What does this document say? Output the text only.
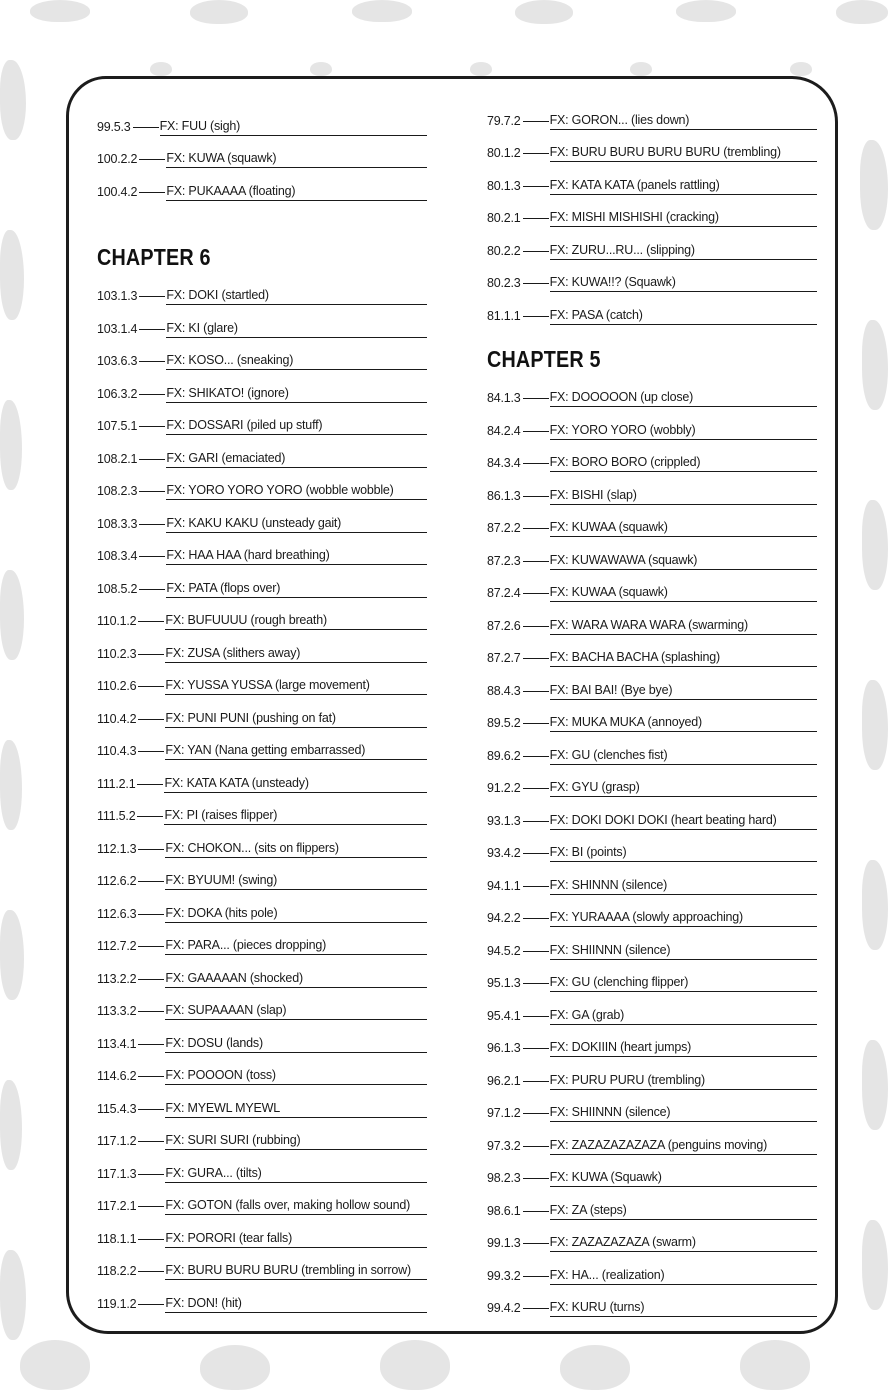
99.5.3 FX: FUU (sigh)
100.2.2 FX: KUWA (squawk)
100.4.2 FX: PUKAAAA (floating)
CHAPTER 6
103.1.3 FX: DOKI (startled)
103.1.4 FX: KI (glare)
103.6.3 FX: KOSO... (sneaking)
106.3.2 FX: SHIKATO! (ignore)
107.5.1 FX: DOSSARI (piled up stuff)
108.2.1 FX: GARI (emaciated)
108.2.3 FX: YORO YORO YORO (wobble wobble)
108.3.3 FX: KAKU KAKU (unsteady gait)
108.3.4 FX: HAA HAA (hard breathing)
108.5.2 FX: PATA (flops over)
110.1.2 FX: BUFUUUU (rough breath)
110.2.3 FX: ZUSA (slithers away)
110.2.6 FX: YUSSA YUSSA (large movement)
110.4.2 FX: PUNI PUNI (pushing on fat)
110.4.3 FX: YAN (Nana getting embarrassed)
111.2.1 FX: KATA KATA (unsteady)
111.5.2 FX: PI (raises flipper)
112.1.3 FX: CHOKON... (sits on flippers)
112.6.2 FX: BYUUM! (swing)
112.6.3 FX: DOKA (hits pole)
112.7.2 FX: PARA... (pieces dropping)
113.2.2 FX: GAAAAAN (shocked)
113.3.2 FX: SUPAAAAN (slap)
113.4.1 FX: DOSU (lands)
114.6.2 FX: POOOON (toss)
115.4.3 FX: MYEWL MYEWL
117.1.2 FX: SURI SURI (rubbing)
117.1.3 FX: GURA... (tilts)
117.2.1 FX: GOTON (falls over, making hollow sound)
118.1.1 FX: PORORI (tear falls)
118.2.2 FX: BURU BURU BURU (trembling in sorrow)
119.1.2 FX: DON! (hit)
79.7.2 FX: GORON... (lies down)
80.1.2 FX: BURU BURU BURU BURU (trembling)
80.1.3 FX: KATA KATA (panels rattling)
80.2.1 FX: MISHI MISHISHI (cracking)
80.2.2 FX: ZURU...RU... (slipping)
80.2.3 FX: KUWA!!? (Squawk)
81.1.1 FX: PASA (catch)
CHAPTER 5
84.1.3 FX: DOOOOON (up close)
84.2.4 FX: YORO YORO (wobbly)
84.3.4 FX: BORO BORO (crippled)
86.1.3 FX: BISHI (slap)
87.2.2 FX: KUWAA (squawk)
87.2.3 FX: KUWAWAWA (squawk)
87.2.4 FX: KUWAA (squawk)
87.2.6 FX: WARA WARA WARA (swarming)
87.2.7 FX: BACHA BACHA (splashing)
88.4.3 FX: BAI BAI! (Bye bye)
89.5.2 FX: MUKA MUKA (annoyed)
89.6.2 FX: GU (clenches fist)
91.2.2 FX: GYU (grasp)
93.1.3 FX: DOKI DOKI DOKI (heart beating hard)
93.4.2 FX: BI (points)
94.1.1 FX: SHINNN (silence)
94.2.2 FX: YURAAAA (slowly approaching)
94.5.2 FX: SHIINNN (silence)
95.1.3 FX: GU (clenching flipper)
95.4.1 FX: GA (grab)
96.1.3 FX: DOKIIIN (heart jumps)
96.2.1 FX: PURU PURU (trembling)
97.1.2 FX: SHIINNN (silence)
97.3.2 FX: ZAZAZAZAZAZA (penguins moving)
98.2.3 FX: KUWA (Squawk)
98.6.1 FX: ZA (steps)
99.1.3 FX: ZAZAZAZAZA (swarm)
99.3.2 FX: HA... (realization)
99.4.2 FX: KURU (turns)
